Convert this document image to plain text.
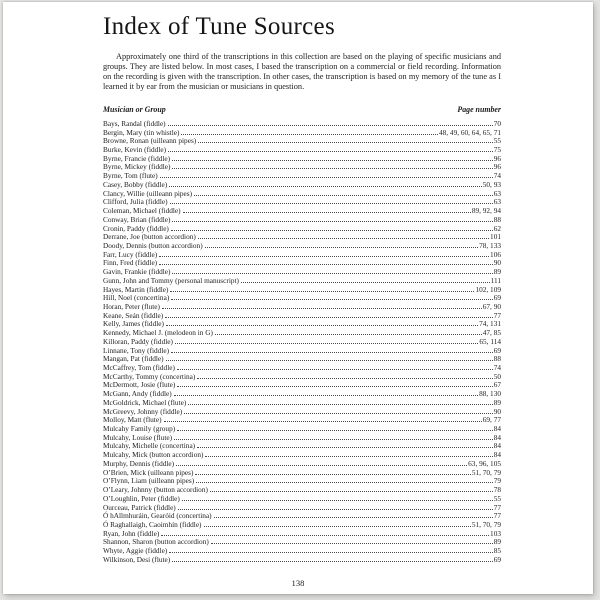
Index of Tune Sources

Approximately one third of the transcriptions in this collection are based on the playing of specific musicians and groups. They are listed below. In most cases, I based the transcription on a commercial or field recording. Information on the recording is given with the transcription. In other cases, the transcription is based on my memory of the tune as I learned it by ear from the musician or musicians in question.

Musician or Group	Page number
Bays, Randal (fiddle)	70
Bergin, Mary (tin whistle)	48, 49, 60, 64, 65, 71
Browne, Ronan (uilleann pipes)	55
Burke, Kevin (fiddle)	75
Byrne, Francie (fiddle)	96
Byrne, Mickey (fiddle)	96
Byrne, Tom (flute)	74
Casey, Bobby (fiddle)	50, 93
Clancy, Willie (uilleann pipes)	63
Clifford, Julia (fiddle)	63
Coleman, Michael (fiddle)	89, 92, 94
Conway, Brian (fiddle)	88
Cronin, Paddy (fiddle)	62
Derrane, Joe (button accordion)	101
Doody, Dennis (button accordion)	78, 133
Farr, Lucy (fiddle)	106
Finn, Fred (fiddle)	90
Gavin, Frankie (fiddle)	89
Gunn, John and Tommy (personal manuscript)	111
Hayes, Martin (fiddle)	102, 109
Hill, Noel (concertina)	69
Horan, Peter (flute)	67, 90
Keane, Seán (fiddle)	77
Kelly, James (fiddle)	74, 131
Kennedy, Michael J. (melodeon in G)	47, 85
Killoran, Paddy (fiddle)	65, 114
Linnane, Tony (fiddle)	69
Mangan, Pat (fiddle)	88
McCaffrey, Tom (fiddle)	74
McCarthy, Tommy (concertina)	50
McDermott, Josie (flute)	67
McGann, Andy (fiddle)	88, 130
McGoldrick, Michael (flute)	89
McGreevy, Johnny (fiddle)	90
Molloy, Matt (flute)	69, 77
Mulcahy Family (group)	84
Mulcahy, Louise (flute)	84
Mulcahy, Michelle (concertina)	84
Mulcahy, Mick (button accordion)	84
Murphy, Dennis (fiddle)	63, 96, 105
O’Brien, Mick (uilleann pipes)	51, 70, 79
O’Flynn, Liam (uilleann pipes)	79
O’Leary, Johnny (button accordion)	78
O’Loughlin, Peter (fiddle)	55
Ourceau, Patrick (fiddle)	77
Ó hAllmhuráin, Gearóid (concertina)	77
Ó Raghallaigh, Caoimhín (fiddle)	51, 70, 79
Ryan, John (fiddle)	103
Shannon, Sharon (button accordion)	89
Whyte, Aggie (fiddle)	85
Wilkinson, Desi (flute)	69
138
